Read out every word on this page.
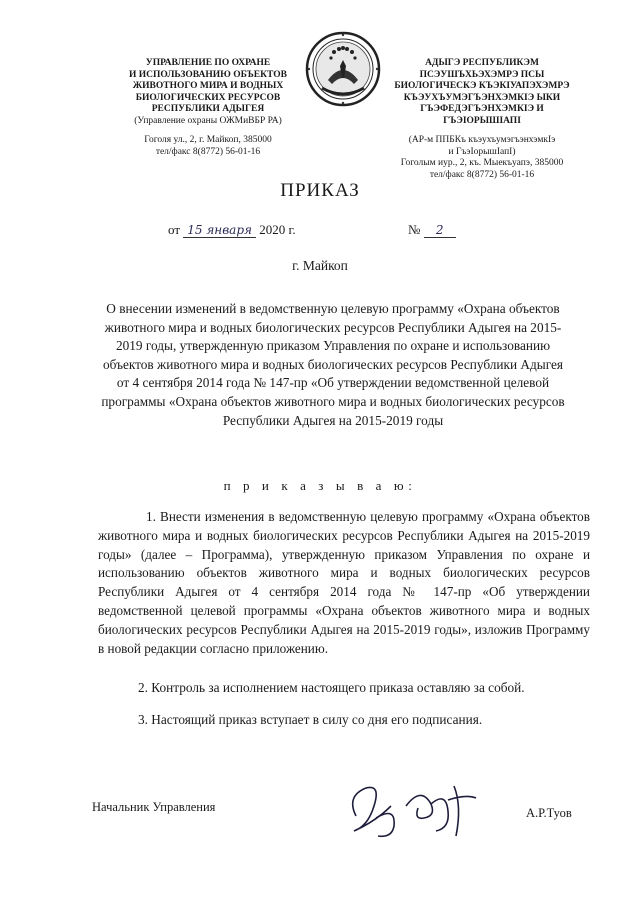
УПРАВЛЕНИЕ ПО ОХРАНЕ
И ИСПОЛЬЗОВАНИЮ ОБЪЕКТОВ
ЖИВОТНОГО МИРА И ВОДНЫХ
БИОЛОГИЧЕСКИХ РЕСУРСОВ
РЕСПУБЛИКИ АДЫГЕЯ
(Управление охраны ОЖМиВБР РА)
Гоголя ул., 2, г. Майкоп, 385000
тел/факс 8(8772) 56-01-16
АДЫГЭ РЕСПУБЛИКЭМ
ПСЭУШЪХЬЭХЭМРЭ ПСЫ
БИОЛОГИЧЕСКЭ КЪЭКІУАПЭХЭМРЭ
КЪЭУХЪУМЭГЪЭНХЭМКІЭ ЫКИ
ГЪЭФЕДЭГЪЭНХЭМКІЭ И ГЪЭІОРЫШІАПІ
(АР-м ППБКъ къэухъумэгъэнхэмкІэ
и ГъэІорышІапІ)
Гоголым иур., 2, къ. Мыекъуапэ, 385000
тел/факс 8(8772) 56-01-16
ПРИКАЗ
от 15 января 2020 г.	№ 2
г. Майкоп
О внесении изменений в ведомственную целевую программу «Охрана объектов животного мира и водных биологических ресурсов Республики Адыгея на 2015-2019 годы, утвержденную приказом Управления по охране и использованию объектов животного мира и водных биологических ресурсов Республики Адыгея от 4 сентября 2014 года № 147-пр «Об утверждении ведомственной целевой программы «Охрана объектов животного мира и водных биологических ресурсов Республики Адыгея на 2015-2019 годы
п р и к а з ы в а ю:
1. Внести изменения в ведомственную целевую программу «Охрана объектов животного мира и водных биологических ресурсов Республики Адыгея на 2015-2019 годы» (далее – Программа), утвержденную приказом Управления по охране и использованию объектов животного мира и водных биологических ресурсов Республики Адыгея от 4 сентября 2014 года № 147-пр «Об утверждении ведомственной целевой программы «Охрана объектов животного мира и водных биологических ресурсов Республики Адыгея на 2015-2019 годы», изложив Программу в новой редакции согласно приложению.
2. Контроль за исполнением настоящего приказа оставляю за собой.
3. Настоящий приказ вступает в силу со дня его подписания.
Начальник Управления	А.Р.Туов
